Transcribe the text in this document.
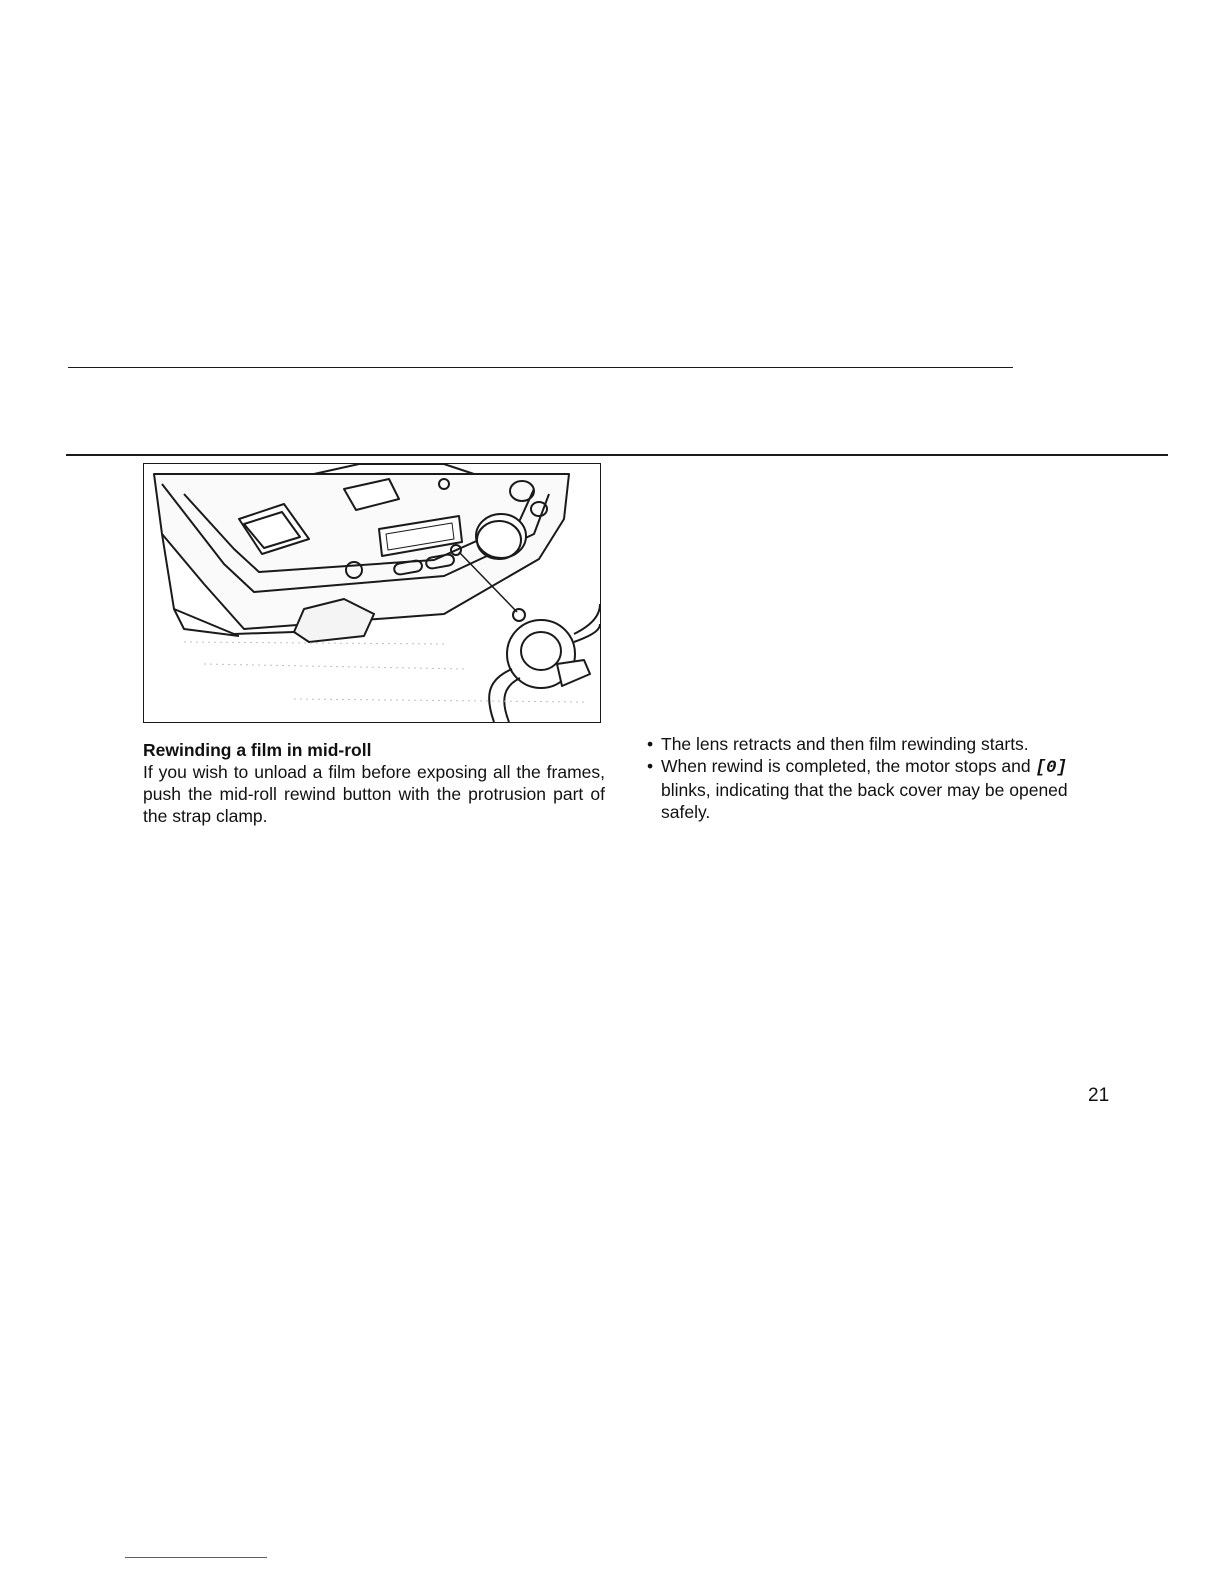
Rewinding a film in mid-roll

If you wish to unload a film before exposing all the frames, push the mid-roll rewind button with the protrusion part of the strap clamp.

• The lens retracts and then film rewinding starts.
• When rewind is completed, the motor stops and [0] blinks, indicating that the back cover may be opened safely.
21
